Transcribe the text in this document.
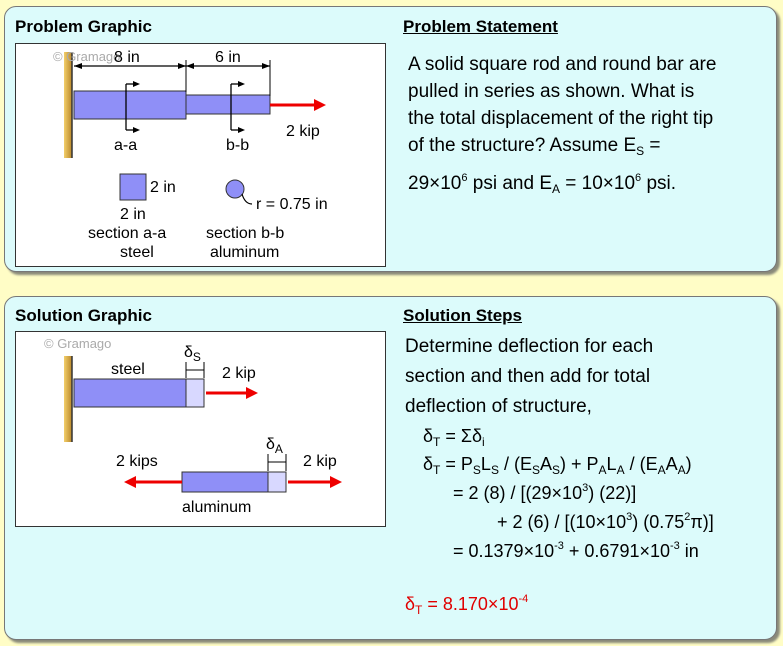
Problem Graphic	Problem Statement
© Gramago
8 in	6 in
a-a	b-b
2 kip
2 in
2 in
section a-a
steel
r = 0.75 in
section b-b
aluminum
A solid square rod and round bar are
pulled in series as shown. What is
the total displacement of the right tip
of the structure? Assume $E_S$ =
$29\times 10^6$ psi and $E_A = 10\times 10^6$ psi.
Solution Graphic	Solution Steps
© Gramago
steel
$\delta_S$
2 kip
$\delta_A$
2 kips	2 kip
aluminum
Determine deflection for each
section and then add for total
deflection of structure,
$\delta_T = \Sigma\delta_i$
$\delta_T = P_SL_S / (E_SA_S) + P_AL_A / (E_AA_A)$
= 2 $(8) / [(29\times 10^3)$ (22)]
+ 2 $(6) / [(10\times 10^3)$ $(0.75^2\pi)$]
= $0.1379\times 10^{-3} + 0.6791\times 10^{-3}$ in
$\delta_T = 8.170\times 10^{-4}$
